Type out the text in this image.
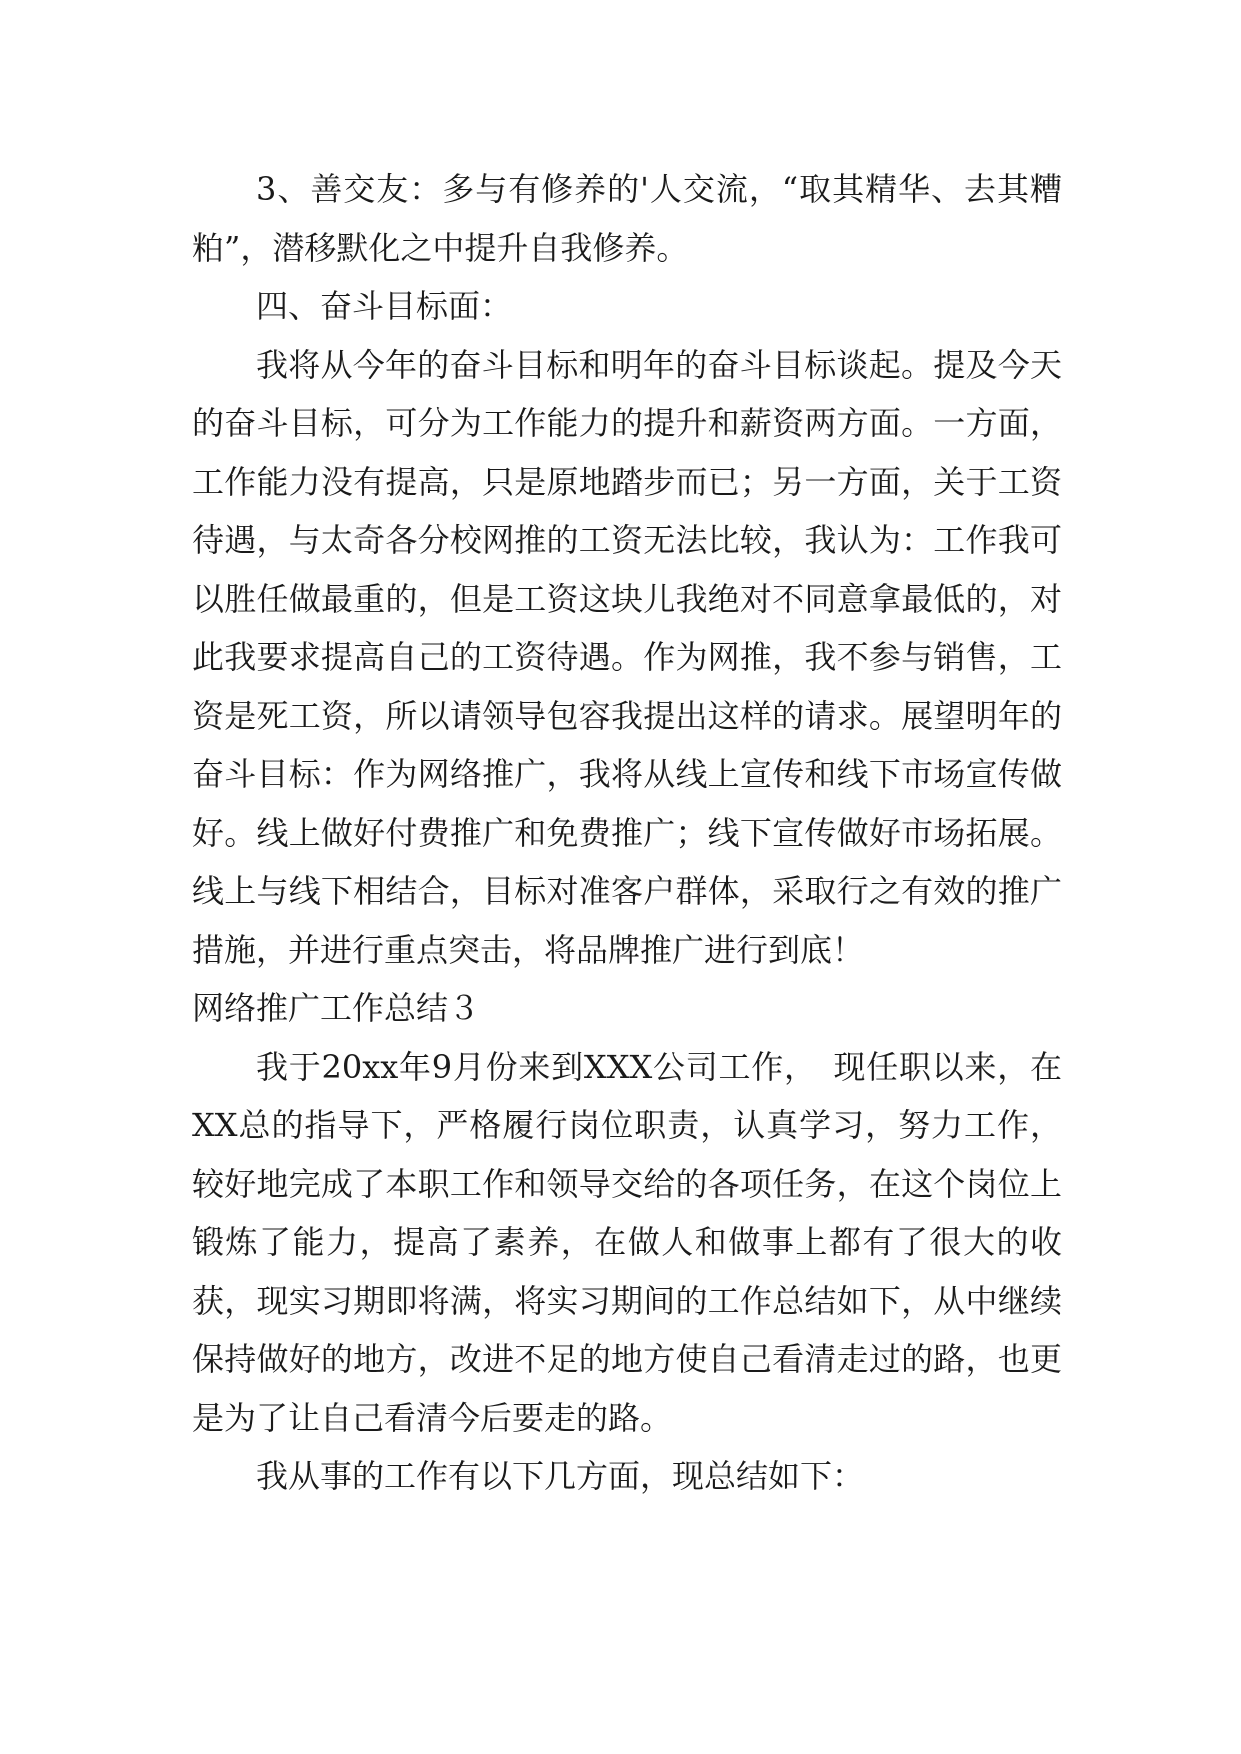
3、善交友：多与有修养的'人交流，“取其精华、去其糟粕”，潜移默化之中提升自我修养。

四、奋斗目标面：

我将从今年的奋斗目标和明年的奋斗目标谈起。提及今天的奋斗目标，可分为工作能力的提升和薪资两方面。一方面，工作能力没有提高，只是原地踏步而已；另一方面，关于工资待遇，与太奇各分校网推的工资无法比较，我认为：工作我可以胜任做最重的，但是工资这块儿我绝对不同意拿最低的，对此我要求提高自己的工资待遇。作为网推，我不参与销售，工资是死工资，所以请领导包容我提出这样的请求。展望明年的奋斗目标：作为网络推广，我将从线上宣传和线下市场宣传做好。线上做好付费推广和免费推广；线下宣传做好市场拓展。线上与线下相结合，目标对准客户群体，采取行之有效的推广措施，并进行重点突击，将品牌推广进行到底！

网络推广工作总结３

我于20xx年9月份来到XXX公司工作，　现任职以来，在XX总的指导下，严格履行岗位职责，认真学习，努力工作，较好地完成了本职工作和领导交给的各项任务，在这个岗位上锻炼了能力，提高了素养，在做人和做事上都有了很大的收获，现实习期即将满，将实习期间的工作总结如下，从中继续保持做好的地方，改进不足的地方使自己看清走过的路，也更是为了让自己看清今后要走的路。

我从事的工作有以下几方面，现总结如下：
